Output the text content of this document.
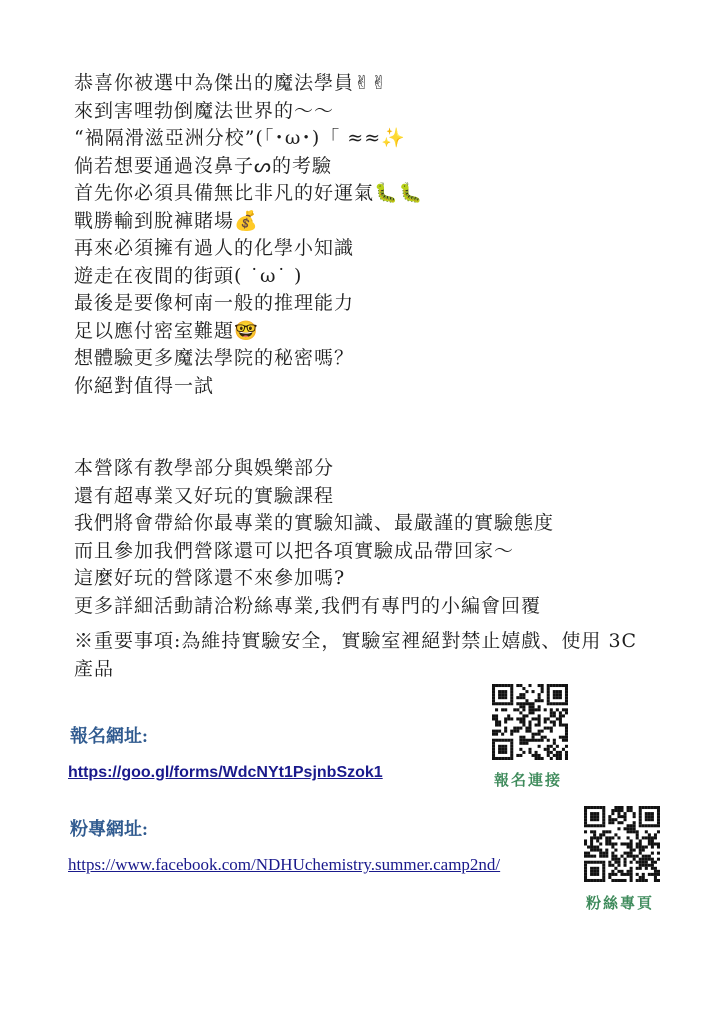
恭喜你被選中為傑出的魔法學員✌︎✌︎
來到害哩勃倒魔法世界的～～
“禍隔滑滋亞洲分校”(「･ω･)「 ≈≈✨
倘若想要通過沒鼻子ᔕ的考驗
首先你必須具備無比非凡的好運氣🐛🐛
戰勝輸到脫褲賭場💰
再來必須擁有過人的化學小知識
遊走在夜間的街頭( ˙ω˙ )
最後是要像柯南一般的推理能力
足以應付密室難題🤓
想體驗更多魔法學院的秘密嗎？
你絕對值得一試
本營隊有教學部分與娛樂部分
還有超專業又好玩的實驗課程
我們將會帶給你最專業的實驗知識、最嚴謹的實驗態度
而且參加我們營隊還可以把各項實驗成品帶回家～
這麼好玩的營隊還不來參加嗎?
更多詳細活動請洽粉絲專業,我們有專門的小編會回覆
※重要事項:為維持實驗安全，實驗室裡絕對禁止嬉戲、使用 3C 產品
報名網址:
https://goo.gl/forms/WdcNYt1PsjnbSzok1	報名連接
粉專網址:
https://www.facebook.com/NDHUchemistry.summer.camp2nd/
粉絲專頁
